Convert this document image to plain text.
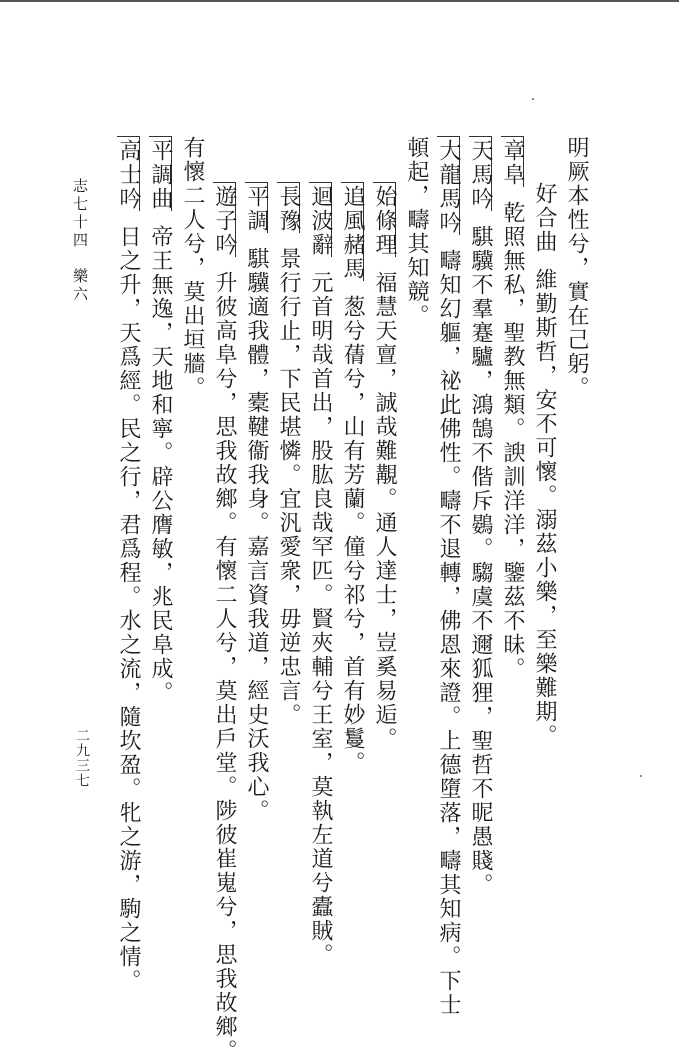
明厥本性兮，實在己躬。
好合曲維勤斯哲，安不可懷。溺茲小樂，至樂難期。
章阜乾照無私，聖教無類。諛訓洋洋，鑒茲不昧。
天馬吟騏驥不羣蹇驢，鴻鵠不偕斥鷃。騶虞不邇狐狸，聖哲不昵愚賤。
大龍馬吟疇知幻軀，祕此佛性。疇不退轉，佛恩來證。上德墮落，疇其知病。下士
頓起，疇其知競。
始條理福慧天亶，誠哉難覯。通人達士，豈奚易逅。
追風赭馬葱兮蒨兮，山有芳蘭。僮兮祁兮，首有妙鬘。
迴波辭元首明哉首出，股肱良哉罕匹。賢夾輔兮王室，莫執左道兮蠹賊。
長豫景行行止，下民堪憐。宜汎愛衆，毋逆忠言。
平調騏驥適我體，橐鞬衞我身。嘉言資我道，經史沃我心。
遊子吟升彼高阜兮，思我故鄉。有懷二人兮，莫出戶堂。陟彼崔嵬兮，思我故鄉。
有懷二人兮，莫出垣牆。
平調曲帝王無逸，天地和寧。辟公膺敏，兆民阜成。
高士吟日之升，天爲經。民之行，君爲程。水之流，隨坎盈。牝之游，駒之情。
志七十四樂六
二九三七
